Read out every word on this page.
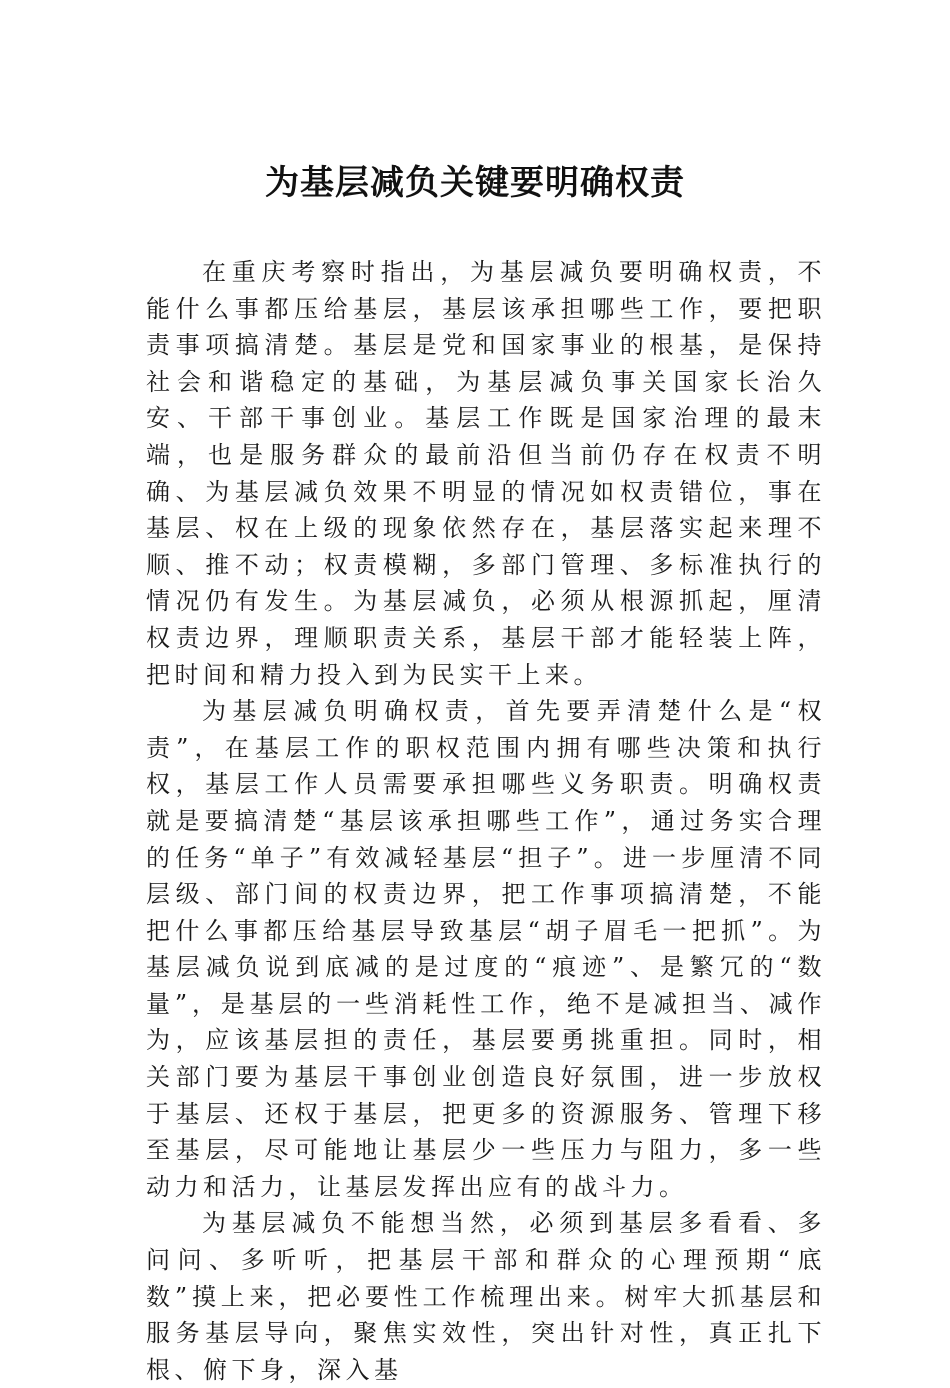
为基层减负关键要明确权责

在重庆考察时指出，为基层减负要明确权责，不能什么事都压给基层，基层该承担哪些工作，要把职责事项搞清楚。基层是党和国家事业的根基，是保持社会和谐稳定的基础，为基层减负事关国家长治久安、干部干事创业。基层工作既是国家治理的最末端，也是服务群众的最前沿但当前仍存在权责不明确、为基层减负效果不明显的情况如权责错位，事在基层、权在上级的现象依然存在，基层落实起来理不顺、推不动；权责模糊，多部门管理、多标准执行的情况仍有发生。为基层减负，必须从根源抓起，厘清权责边界，理顺职责关系，基层干部才能轻装上阵，把时间和精力投入到为民实干上来。

为基层减负明确权责，首先要弄清楚什么是“权责”，在基层工作的职权范围内拥有哪些决策和执行权，基层工作人员需要承担哪些义务职责。明确权责就是要搞清楚“基层该承担哪些工作”，通过务实合理的任务“单子”有效减轻基层“担子”。进一步厘清不同层级、部门间的权责边界，把工作事项搞清楚，不能把什么事都压给基层导致基层“胡子眉毛一把抓”。为基层减负说到底减的是过度的“痕迹”、是繁冗的“数量”，是基层的一些消耗性工作，绝不是减担当、减作为，应该基层担的责任，基层要勇挑重担。同时，相关部门要为基层干事创业创造良好氛围，进一步放权于基层、还权于基层，把更多的资源服务、管理下移至基层，尽可能地让基层少一些压力与阻力，多一些动力和活力，让基层发挥出应有的战斗力。

为基层减负不能想当然，必须到基层多看看、多问问、多听听，把基层干部和群众的心理预期“底数”摸上来，把必要性工作梳理出来。树牢大抓基层和服务基层导向，聚焦实效性，突出针对性，真正扎下根、俯下身，深入基
